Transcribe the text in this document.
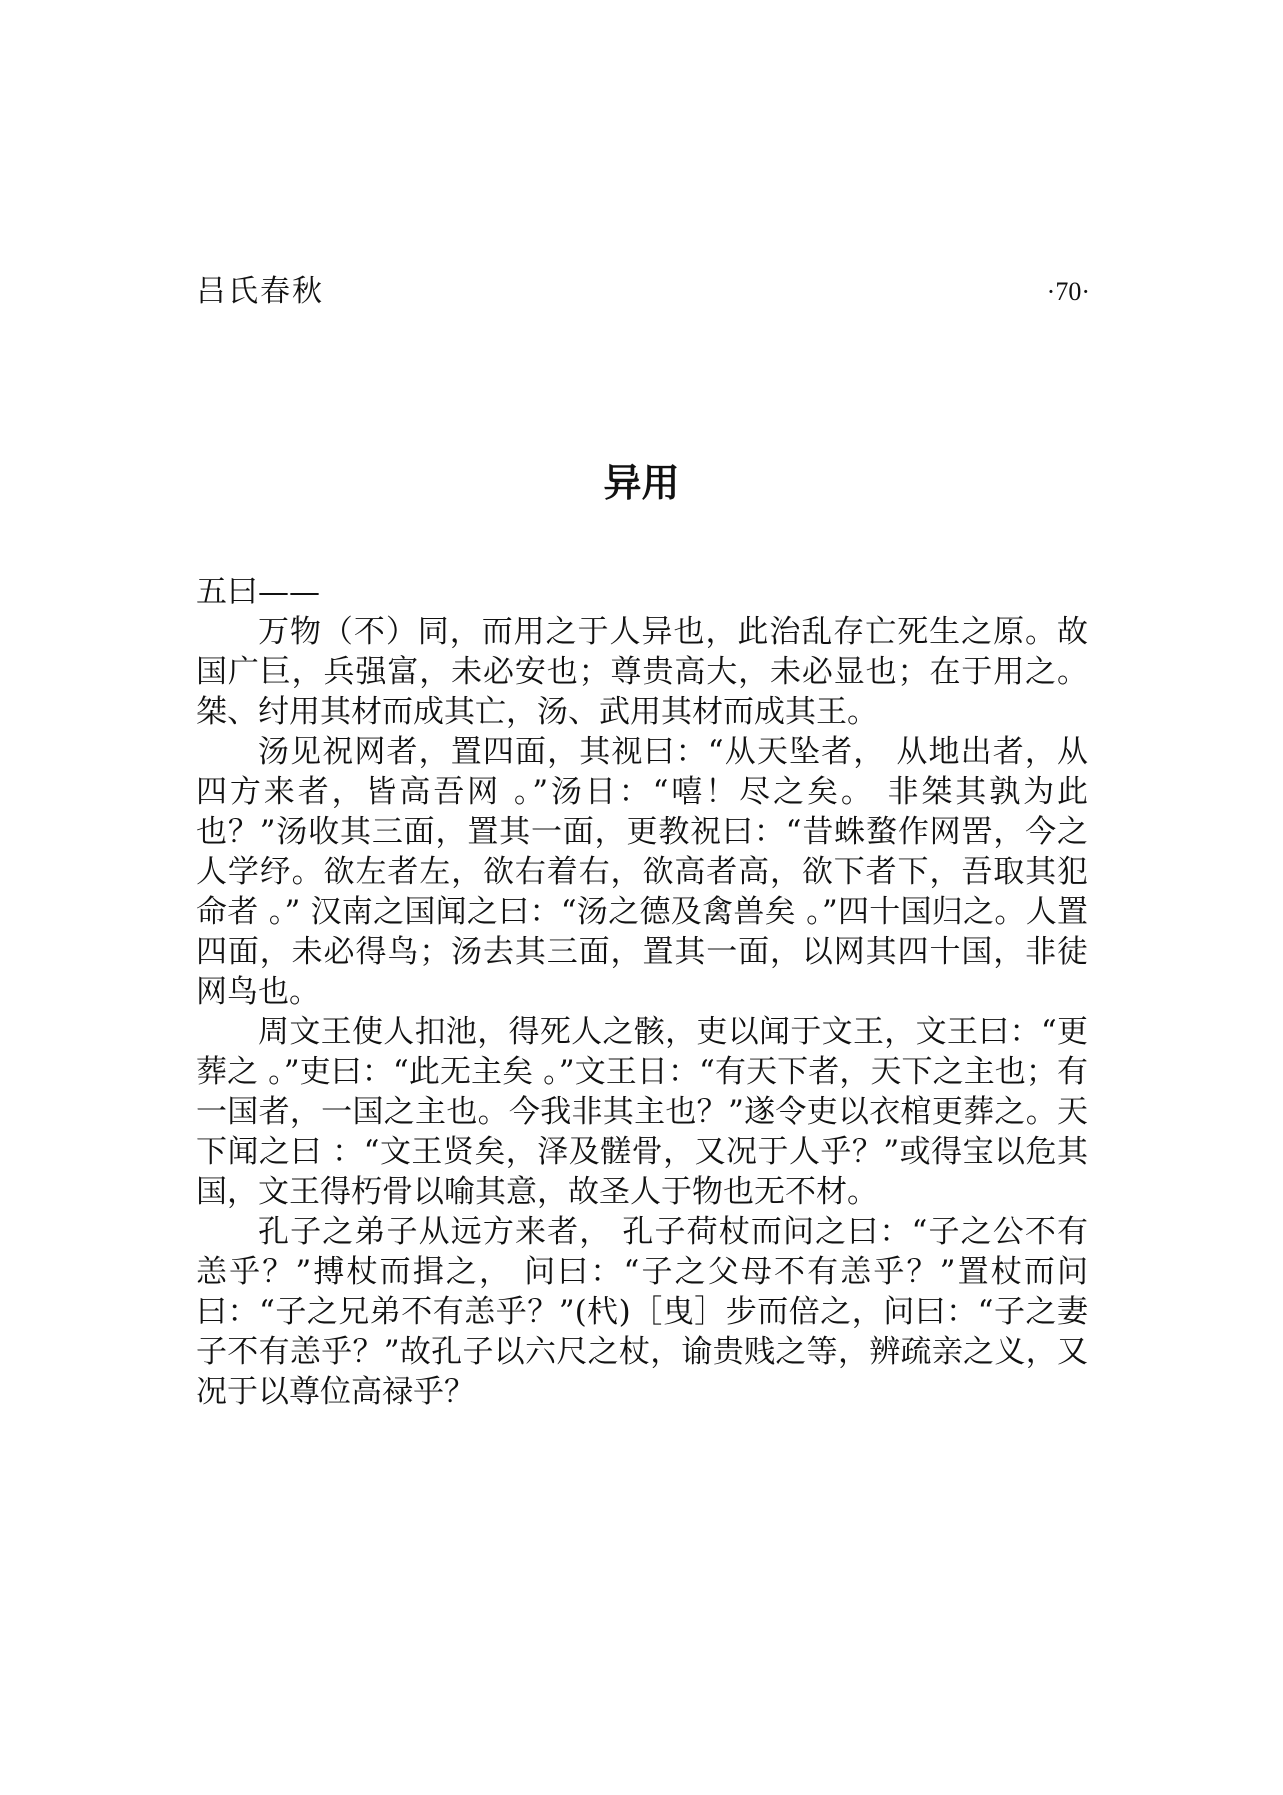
吕氏春秋	·70·
异用

五曰——

万物（不）同，而用之于人异也，此治乱存亡死生之原。故国广巨，兵强富，未必安也；尊贵高大，未必显也；在于用之。桀、纣用其材而成其亡，汤、武用其材而成其王。

汤见祝网者，置四面，其视曰：“从天坠者， 从地出者，从四方来者，皆高吾网 。”汤日：“嘻！尽之矣。 非桀其孰为此也？”汤收其三面，置其一面，更教祝曰：“昔蛛蝥作网罟，今之人学纾。欲左者左，欲右着右，欲高者高，欲下者下，吾取其犯命者 。” 汉南之国闻之曰：“汤之德及禽兽矣 。”四十国归之。人置四面，未必得鸟；汤去其三面，置其一面，以网其四十国，非徒网鸟也。

周文王使人扣池，得死人之骸，吏以闻于文王，文王曰：“更葬之 。”吏曰：“此无主矣 。”文王日：“有天下者，天下之主也；有一国者，一国之主也。今我非其主也？”遂令吏以衣棺更葬之。天下闻之曰 ：“文王贤矣，泽及髊骨，又况于人乎？”或得宝以危其国，文王得朽骨以喻其意，故圣人于物也无不材。

孔子之弟子从远方来者， 孔子荷杖而问之曰：“子之公不有恙乎？”搏杖而揖之， 问曰：“子之父母不有恙乎？”置杖而问曰：“子之兄弟不有恙乎？”(杙)［曳］步而倍之，问曰：“子之妻子不有恙乎？”故孔子以六尺之杖，谕贵贱之等，辨疏亲之义，又况于以尊位高禄乎？
